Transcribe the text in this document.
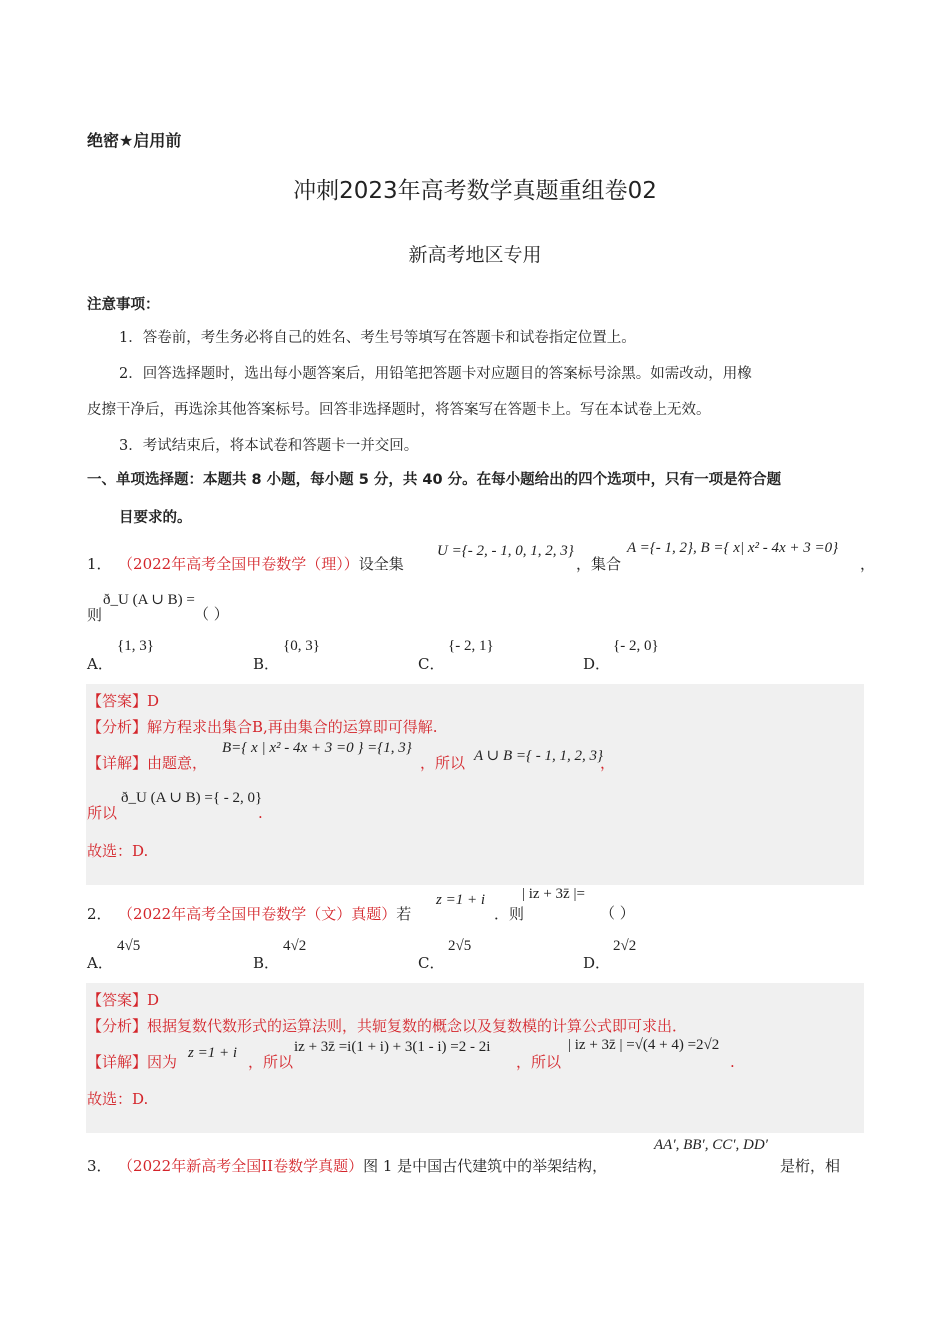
绝密★启用前
冲刺2023年高考数学真题重组卷02
新高考地区专用
注意事项：
1．答卷前，考生务必将自己的姓名、考生号等填写在答题卡和试卷指定位置上。
2．回答选择题时，选出每小题答案后，用铅笔把答题卡对应题目的答案标号涂黑。如需改动，用橡
皮擦干净后，再选涂其他答案标号。回答非选择题时，将答案写在答题卡上。写在本试卷上无效。
3．考试结束后，将本试卷和答题卡一并交回。
一、单项选择题：本题共 8 小题，每小题 5 分，共 40 分。在每小题给出的四个选项中，只有一项是符合题
目要求的。
1． （2022年高考全国甲卷数学（理））设全集
U ={- 2, - 1, 0, 1, 2, 3}
，集合
A ={- 1, 2}, B ={ x| x² - 4x + 3 =0}
，
则
ð_U (A ∪ B) =
（ ）
A．
{1, 3}
B．
{0, 3}
C．
{- 2, 1}
D．
{- 2, 0}
【答案】D
【分析】解方程求出集合B,再由集合的运算即可得解.
【详解】由题意，
B={ x | x² - 4x + 3 =0 } ={1, 3}
，所以 A ∪ B ={ - 1, 1, 2, 3}
，
所以
ð_U (A ∪ B) ={ - 2, 0}
.
故选：D.
2． （2022年高考全国甲卷数学（文）真题）若
z =1 + i
．则
| iz + 3z̄ |=
（ ）
A．
4√5
B．
4√2
C．
2√5
D．
2√2
【答案】D
【分析】根据复数代数形式的运算法则，共轭复数的概念以及复数模的计算公式即可求出．
【详解】因为 z =1 + i ，所以
iz + 3z̄ =i(1 + i) + 3(1 - i) =2 - 2i
，所以
| iz + 3z̄ | =√(4 + 4) =2√2
.
故选：D.
3． （2022年新高考全国II卷数学真题）图 1 是中国古代建筑中的举架结构，
AA′, BB′, CC′, DD′
是桁，相
